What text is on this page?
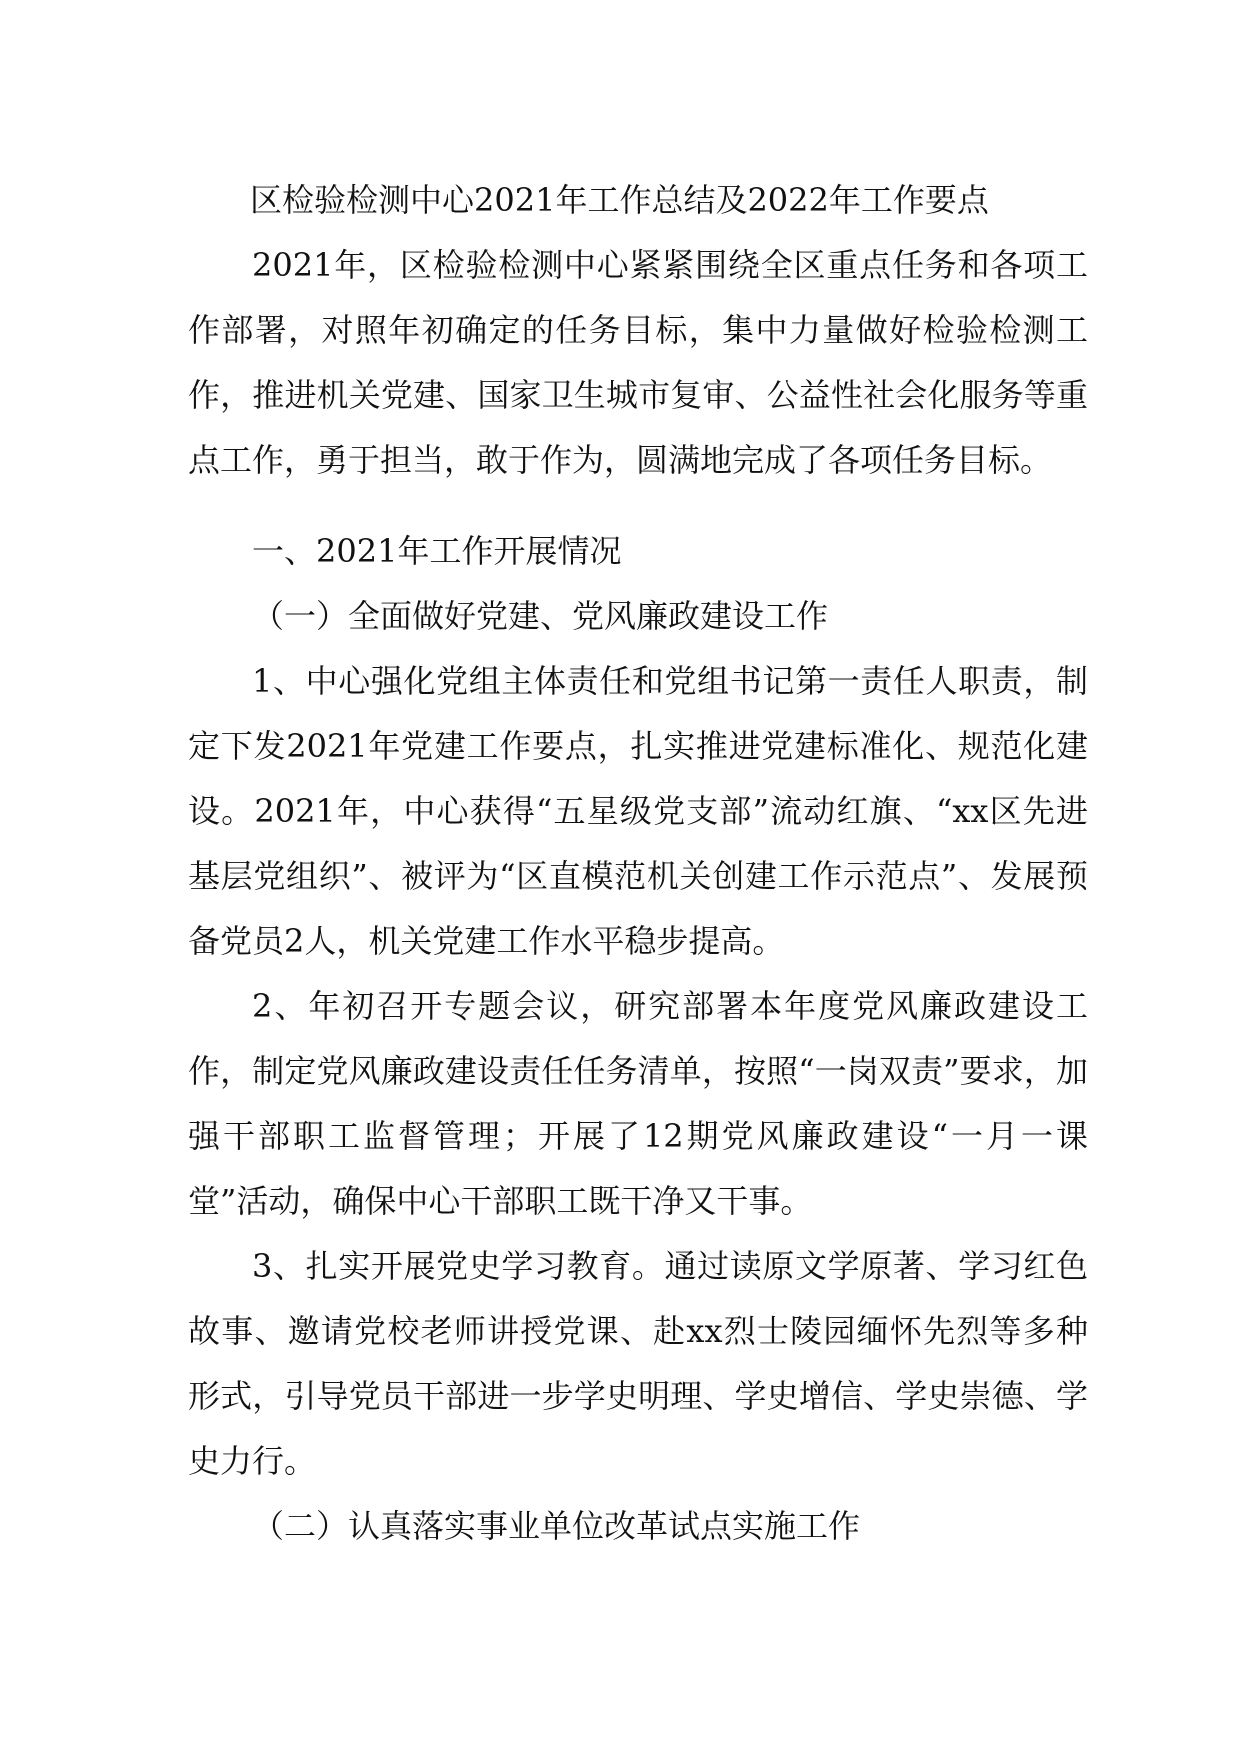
区检验检测中心2021年工作总结及2022年工作要点

2021年，区检验检测中心紧紧围绕全区重点任务和各项工作部署，对照年初确定的任务目标，集中力量做好检验检测工作，推进机关党建、国家卫生城市复审、公益性社会化服务等重点工作，勇于担当，敢于作为，圆满地完成了各项任务目标。

一、2021年工作开展情况

（一）全面做好党建、党风廉政建设工作

1、中心强化党组主体责任和党组书记第一责任人职责，制定下发2021年党建工作要点，扎实推进党建标准化、规范化建设。2021年，中心获得“五星级党支部”流动红旗、“xx区先进基层党组织”、被评为“区直模范机关创建工作示范点”、发展预备党员2人，机关党建工作水平稳步提高。

2、年初召开专题会议，研究部署本年度党风廉政建设工作，制定党风廉政建设责任任务清单，按照“一岗双责”要求，加强干部职工监督管理；开展了12期党风廉政建设“一月一课堂”活动，确保中心干部职工既干净又干事。

3、扎实开展党史学习教育。通过读原文学原著、学习红色故事、邀请党校老师讲授党课、赴xx烈士陵园缅怀先烈等多种形式，引导党员干部进一步学史明理、学史增信、学史崇德、学史力行。

（二）认真落实事业单位改革试点实施工作
